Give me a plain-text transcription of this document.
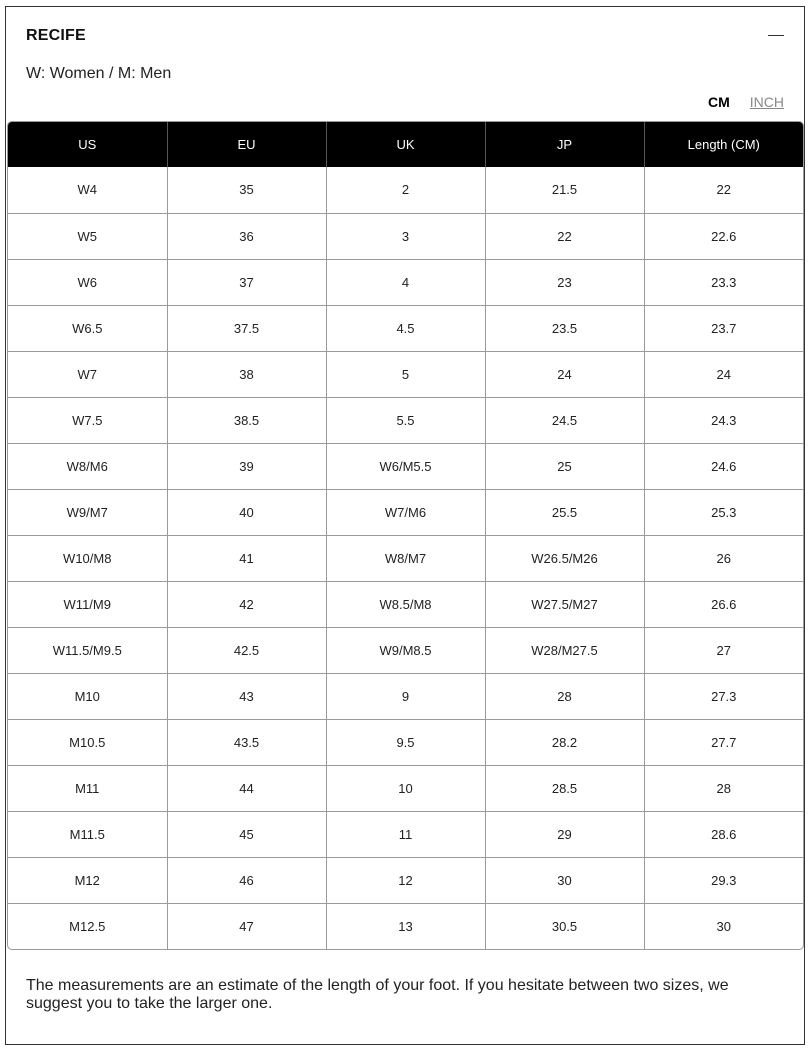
RECIFE
W: Women / M: Men
CM INCH
US	EU	UK	JP	Length (CM)
W4	35	2	21.5	22
W5	36	3	22	22.6
W6	37	4	23	23.3
W6.5	37.5	4.5	23.5	23.7
W7	38	5	24	24
W7.5	38.5	5.5	24.5	24.3
W8/M6	39	W6/M5.5	25	24.6
W9/M7	40	W7/M6	25.5	25.3
W10/M8	41	W8/M7	W26.5/M26	26
W11/M9	42	W8.5/M8	W27.5/M27	26.6
W11.5/M9.5	42.5	W9/M8.5	W28/M27.5	27
M10	43	9	28	27.3
M10.5	43.5	9.5	28.2	27.7
M11	44	10	28.5	28
M11.5	45	11	29	28.6
M12	46	12	30	29.3
M12.5	47	13	30.5	30
The measurements are an estimate of the length of your foot. If you hesitate between two sizes, we suggest you to take the larger one.
